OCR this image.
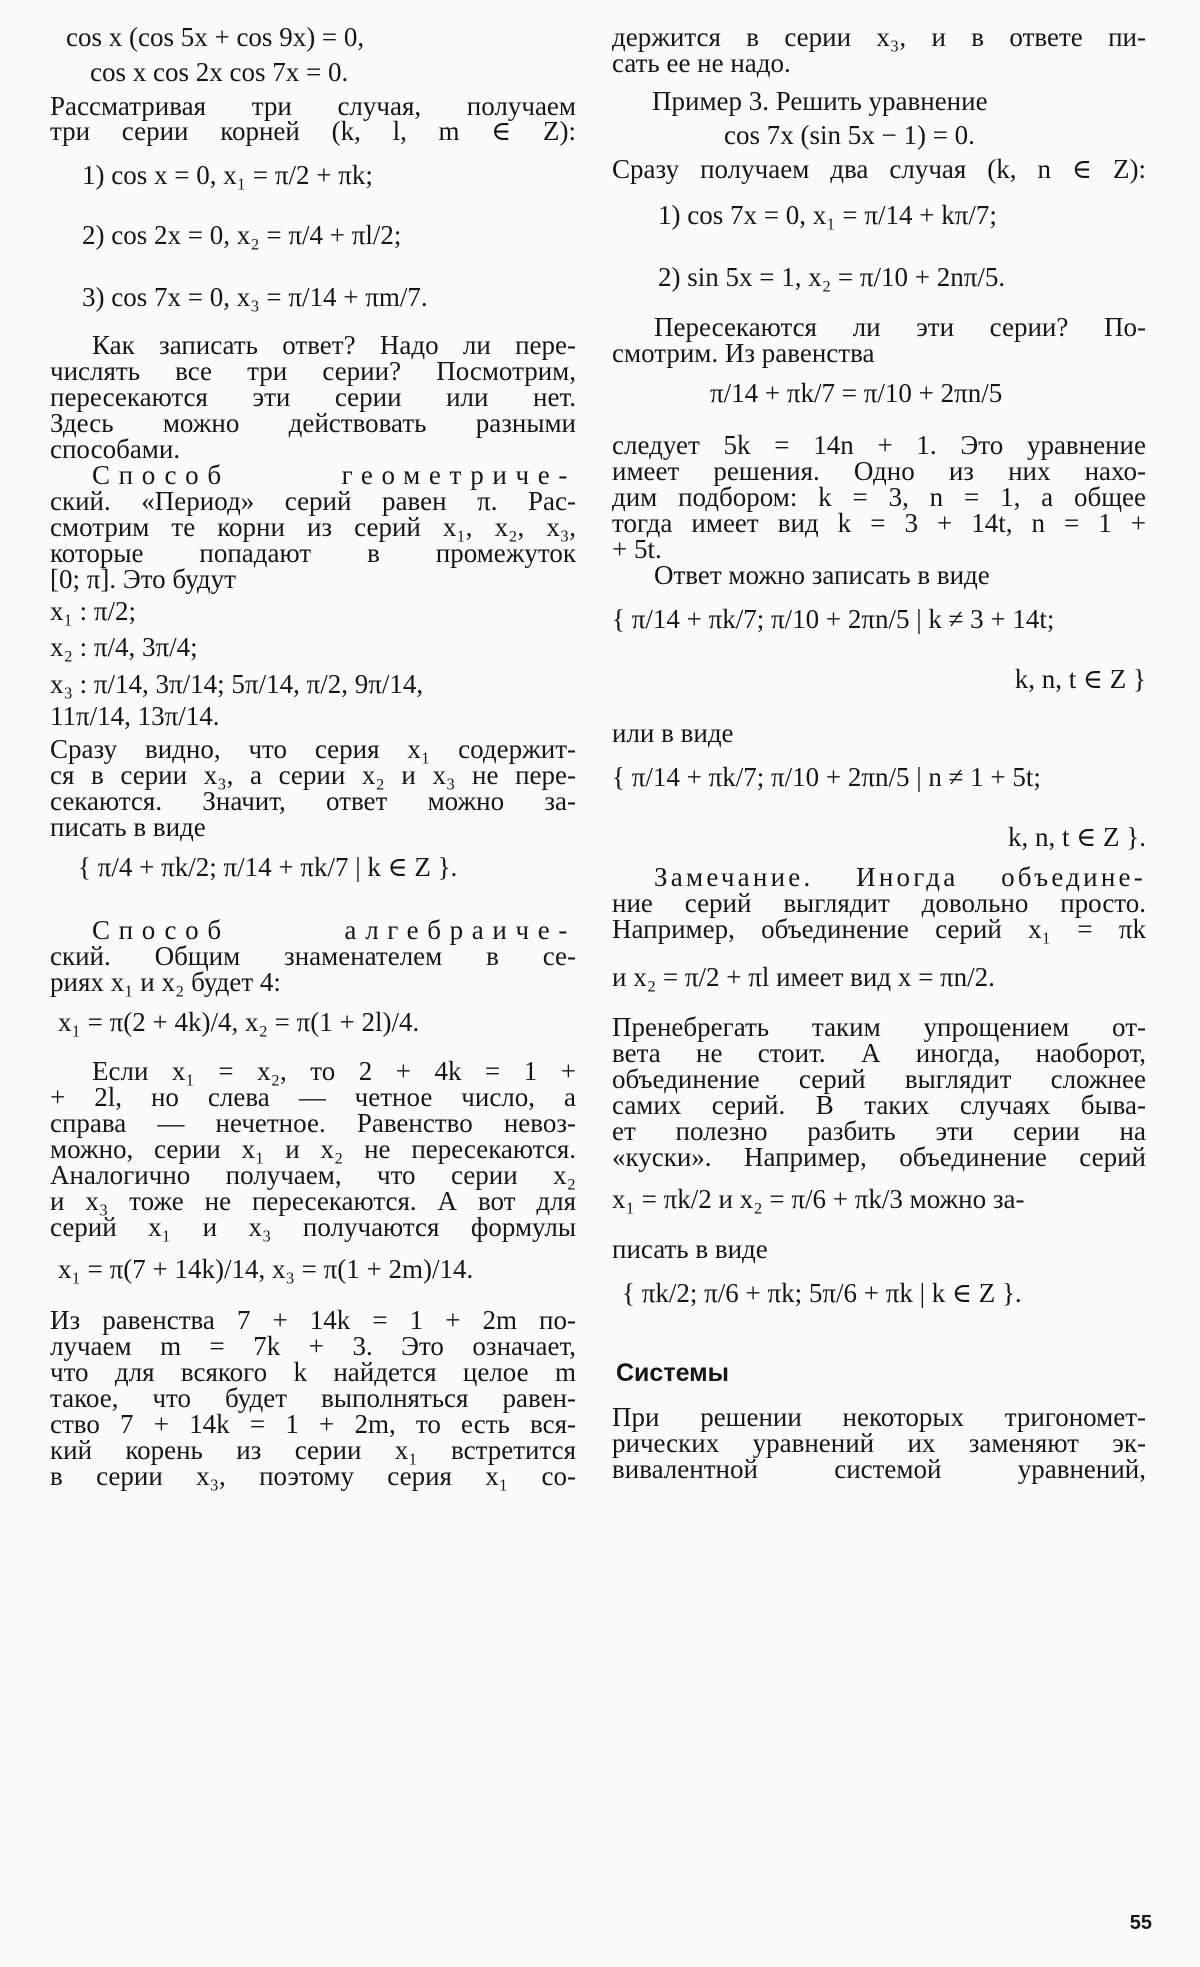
cos x (cos 5x + cos 9x) = 0,
cos x cos 2x cos 7x = 0.
Рассматривая три случая, получаем
три серии корней (k, l, m ∈ Z):
1) cos x = 0, x₁ = π/2 + πk;
2) cos 2x = 0, x₂ = π/4 + πl/2;
3) cos 7x = 0, x₃ = π/14 + πm/7.
Как записать ответ? Надо ли пере-
числять все три серии? Посмотрим,
пересекаются эти серии или нет.
Здесь можно действовать разными
способами.
Способ геометриче-
ский. «Период» серий равен π. Рас-
смотрим те корни из серий x₁, x₂, x₃,
которые попадают в промежуток
[0; π]. Это будут
x₁ : π/2;
x₂ : π/4, 3π/4;
x₃ : π/14, 3π/14; 5π/14, π/2, 9π/14,
11π/14, 13π/14.
Сразу видно, что серия x₁ содержит-
ся в серии x₃, а серии x₂ и x₃ не пере-
секаются. Значит, ответ можно за-
писать в виде
{ π/4 + πk/2; π/14 + πk/7 | k ∈ Z }.
Способ алгебраиче-
ский. Общим знаменателем в се-
риях x₁ и x₂ будет 4:
x₁ = π(2 + 4k)/4, x₂ = π(1 + 2l)/4.
Если x₁ = x₂, то 2 + 4k = 1 +
+ 2l, но слева — четное число, а
справа — нечетное. Равенство невоз-
можно, серии x₁ и x₂ не пересекаются.
Аналогично получаем, что серии x₂
и x₃ тоже не пересекаются. А вот для
серий x₁ и x₃ получаются формулы
x₁ = π(7 + 14k)/14, x₃ = π(1 + 2m)/14.
Из равенства 7 + 14k = 1 + 2m по-
лучаем m = 7k + 3. Это означает,
что для всякого k найдется целое m
такое, что будет выполняться равен-
ство 7 + 14k = 1 + 2m, то есть вся-
кий корень из серии x₁ встретится
в серии x₃, поэтому серия x₁ со-
держится в серии x₃, и в ответе пи-
сать ее не надо.
Пример 3. Решить уравнение
cos 7x (sin 5x − 1) = 0.
Сразу получаем два случая (k, n ∈ Z):
1) cos 7x = 0, x₁ = π/14 + kπ/7;
2) sin 5x = 1, x₂ = π/10 + 2nπ/5.
Пересекаются ли эти серии? По-
смотрим. Из равенства
π/14 + πk/7 = π/10 + 2πn/5
следует 5k = 14n + 1. Это уравнение
имеет решения. Одно из них нахо-
дим подбором: k = 3, n = 1, а общее
тогда имеет вид k = 3 + 14t, n = 1 +
+ 5t.
Ответ можно записать в виде
{ π/14 + πk/7; π/10 + 2πn/5 | k ≠ 3 + 14t;
k, n, t ∈ Z }
или в виде
{ π/14 + πk/7; π/10 + 2πn/5 | n ≠ 1 + 5t;
k, n, t ∈ Z }.
Замечание. Иногда объедине-
ние серий выглядит довольно просто.
Например, объединение серий x₁ = πk
и x₂ = π/2 + πl имеет вид x = πn/2.
Пренебрегать таким упрощением от-
вета не стоит. А иногда, наоборот,
объединение серий выглядит сложнее
самих серий. В таких случаях быва-
ет полезно разбить эти серии на
«куски». Например, объединение серий
x₁ = πk/2 и x₂ = π/6 + πk/3 можно за-
писать в виде
{ πk/2; π/6 + πk; 5π/6 + πk | k ∈ Z }.
Системы
При решении некоторых тригономет-
рических уравнений их заменяют эк-
вивалентной системой уравнений,
55
